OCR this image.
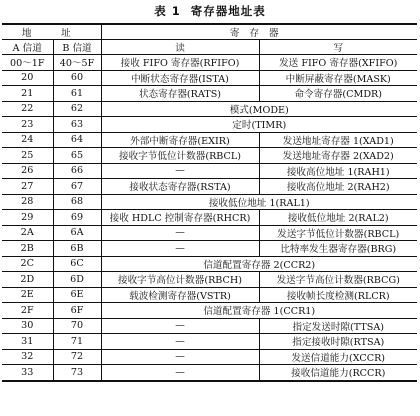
表 1 寄存器地址表
地　址		寄存器	
A 信道	B 信道	读	写
00～1F	40～5F	接收 FIFO 寄存器(RFIFO)	发送 FIFO 寄存器(XFIFO)
20	60	中断状态寄存器(ISTA)	中断屏蔽寄存器(MASK)
21	61	状态寄存器(RATS)	命令寄存器(CMDR)
22	62	模式(MODE)	
23	63	定时(TIMR)	
24	64	外部中断寄存器(EXIR)	发送地址寄存器 1(XAD1)
25	65	接收字节低位计数器(RBCL)	发送地址寄存器 2(XAD2)
26	66	—	接收高位地址 1(RAH1)
27	67	接收状态寄存器(RSTA)	接收高位地址 2(RAH2)
28	68	接收低位地址 1(RAL1)	
29	69	接收 HDLC 控制寄存器(RHCR)	接收低位地址 2(RAL2)
2A	6A	—	发送字节低位计数器(RBCL)
2B	6B	—	比特率发生器寄存器(BRG)
2C	6C	信道配置寄存器 2(CCR2)	
2D	6D	接收字节高位计数器(RBCH)	发送字节高位计数器(RBCG)
2E	6E	载波检测寄存器(VSTR)	接收帧长度检测(RLCR)
2F	6F	信道配置寄存器 1(CCR1)	
30	70	—	指定发送时隙(TTSA)
31	71	—	指定接收时隙(RTSA)
32	72	—	发送信道能力(XCCR)
33	73	—	接收信道能力(RCCR)
